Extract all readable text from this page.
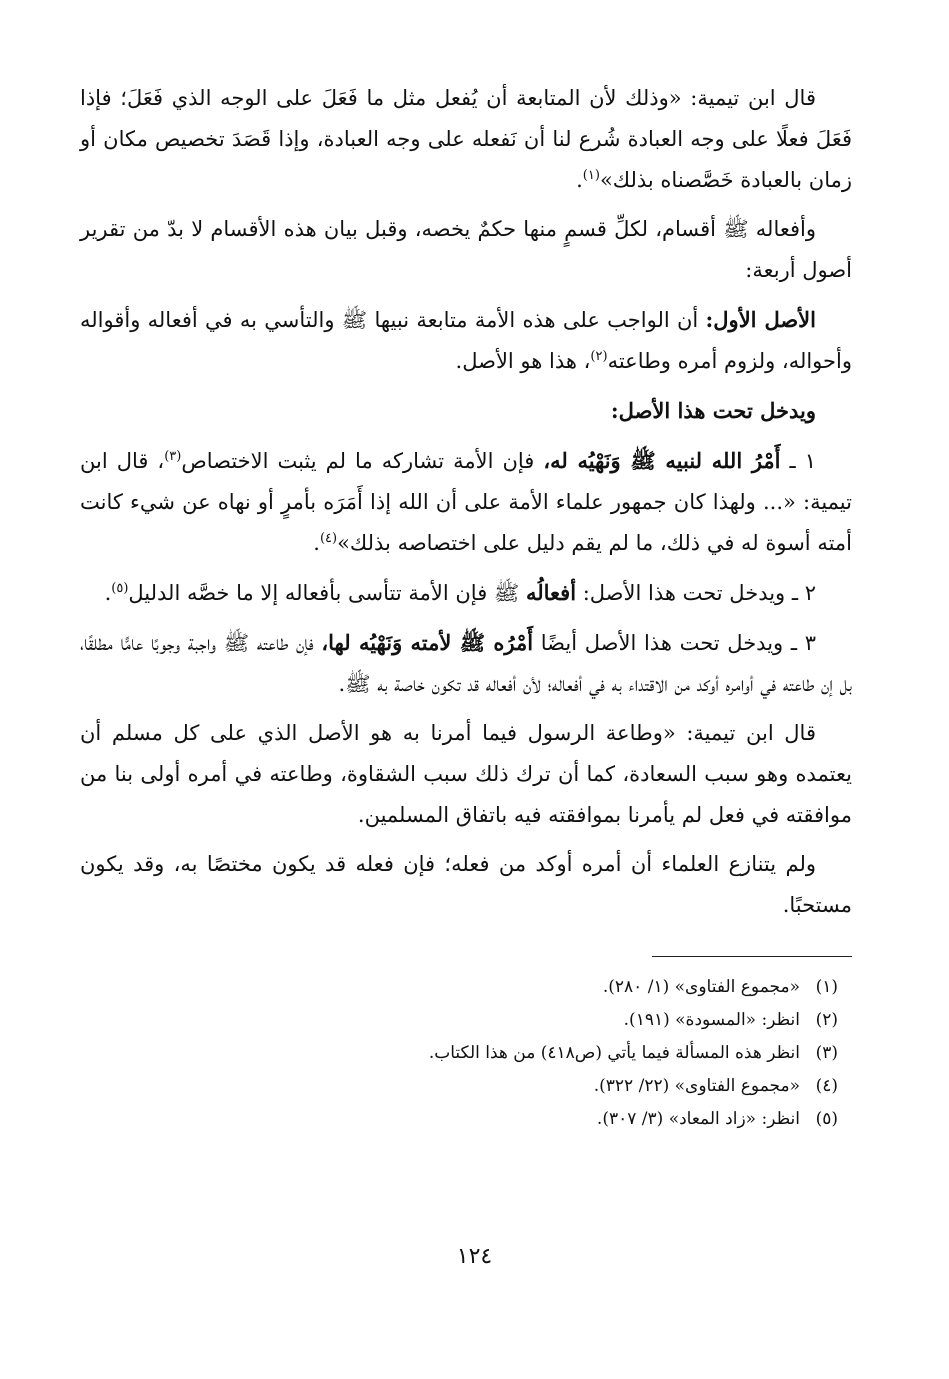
قال ابن تيمية: «وذلك لأن المتابعة أن يُفعل مثل ما فَعَلَ على الوجه الذي فَعَلَ؛ فإذا فَعَلَ فعلًا على وجه العبادة شُرع لنا أن نَفعله على وجه العبادة، وإذا قَصَدَ تخصيص مكان أو زمان بالعبادة خَصَّصناه بذلك»$^{(١)}$.

وأفعاله ﷺ أقسام، لكلِّ قسمٍ منها حكمٌ يخصه، وقبل بيان هذه الأقسام لا بدّ من تقرير أصول أربعة:

الأصل الأول: أن الواجب على هذه الأمة متابعة نبيها ﷺ والتأسي به في أفعاله وأقواله وأحواله، ولزوم أمره وطاعته$^{(٢)}$، هذا هو الأصل.

ويدخل تحت هذا الأصل:

١ ـ أَمْرُ الله لنبيه ﷺ وَنَهْيُه له، فإن الأمة تشاركه ما لم يثبت الاختصاص$^{(٣)}$، قال ابن تيمية: «... ولهذا كان جمهور علماء الأمة على أن الله إذا أَمَرَه بأمرٍ أو نهاه عن شيء كانت أمته أسوة له في ذلك، ما لم يقم دليل على اختصاصه بذلك»$^{(٤)}$.

٢ ـ ويدخل تحت هذا الأصل: أفعالُه ﷺ فإن الأمة تتأسى بأفعاله إلا ما خصَّه الدليل$^{(٥)}$.

٣ ـ ويدخل تحت هذا الأصل أيضًا أَمْرُه ﷺ لأمته وَنَهْيُه لها، فإن طاعته ﷺ واجبة وجوبًا عامًّا مطلقًا، بل إن طاعته في أوامره أوكد من الاقتداء به في أفعاله؛ لأن أفعاله قد تكون خاصة به ﷺ.

قال ابن تيمية: «وطاعة الرسول فيما أمرنا به هو الأصل الذي على كل مسلم أن يعتمده وهو سبب السعادة، كما أن ترك ذلك سبب الشقاوة، وطاعته في أمره أولى بنا من موافقته في فعل لم يأمرنا بموافقته فيه باتفاق المسلمين.

ولم يتنازع العلماء أن أمره أوكد من فعله؛ فإن فعله قد يكون مختصًا به، وقد يكون مستحبًا.

(١)«مجموع الفتاوى» (١/ ٢٨٠).

(٢)انظر: «المسودة» (١٩١).

(٣)انظر هذه المسألة فيما يأتي (ص٤١٨) من هذا الكتاب.

(٤)«مجموع الفتاوى» (٢٢/ ٣٢٢).

(٥)انظر: «زاد المعاد» (٣/ ٣٠٧).

١٢٤
